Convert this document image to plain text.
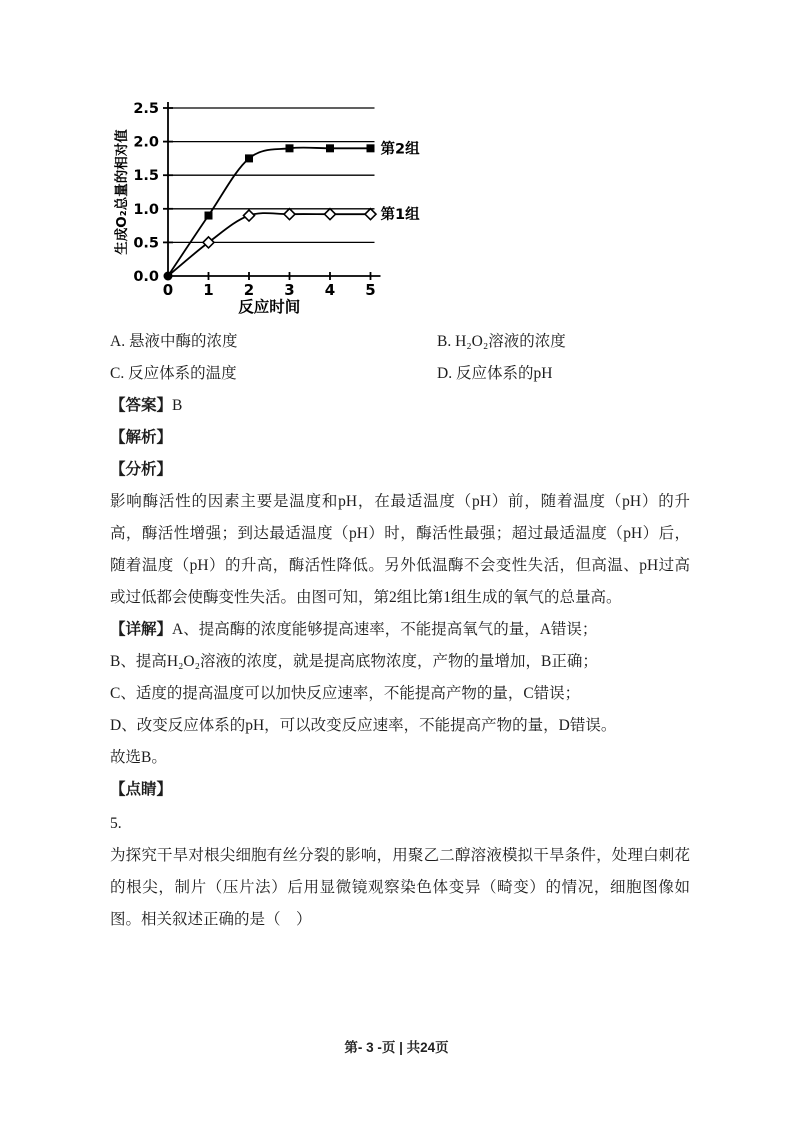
0.0
0.5
1.0
1.5
2.0
2.5
0 1 2 3 4 5
生成O₂总量的相对值
反应时间
第2组
第1组

A. 悬液中酶的浓度	B. H₂O₂溶液的浓度

C. 反应体系的温度	D. 反应体系的pH

【答案】B

【解析】

【分析】

影响酶活性的因素主要是温度和pH，在最适温度（pH）前，随着温度（pH）的升高，酶活性增强；到达最适温度（pH）时，酶活性最强；超过最适温度（pH）后，随着温度（pH）的升高，酶活性降低。另外低温酶不会变性失活，但高温、pH过高或过低都会使酶变性失活。由图可知，第2组比第1组生成的氧气的总量高。

【详解】A、提高酶的浓度能够提高速率，不能提高氧气的量，A错误；

B、提高H₂O₂溶液的浓度，就是提高底物浓度，产物的量增加，B正确；

C、适度的提高温度可以加快反应速率，不能提高产物的量，C错误；

D、改变反应体系的pH，可以改变反应速率，不能提高产物的量，D错误。

故选B。

【点睛】

5.

为探究干旱对根尖细胞有丝分裂的影响，用聚乙二醇溶液模拟干旱条件，处理白刺花的根尖，制片（压片法）后用显微镜观察染色体变异（畸变）的情况，细胞图像如图。相关叙述正确的是（　）

第- 3 -页 | 共24页
